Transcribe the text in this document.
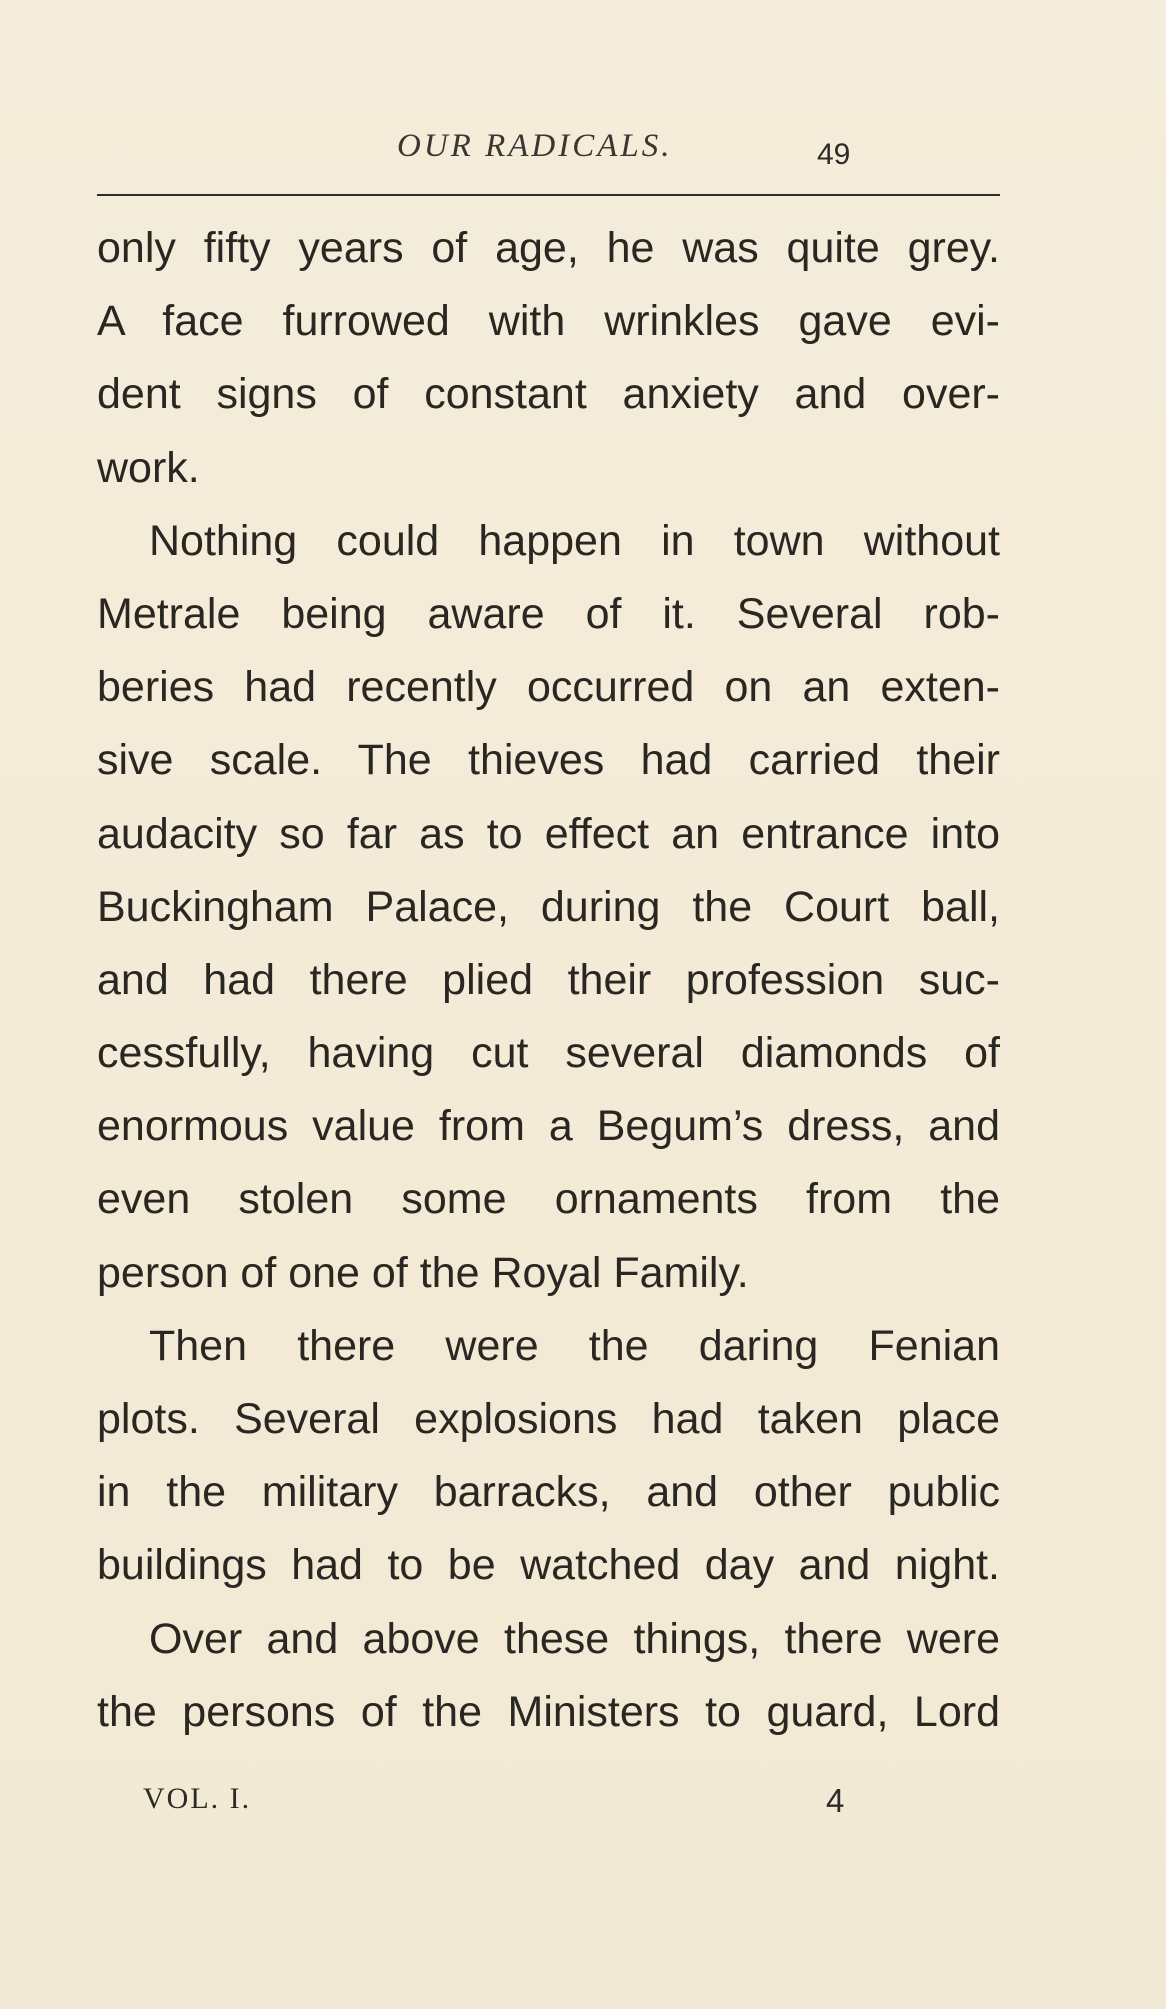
OUR RADICALS.	49
only fifty years of age, he was quite grey.
A face furrowed with wrinkles gave evi-
dent signs of constant anxiety and over-
work.
Nothing could happen in town without
Metrale being aware of it. Several rob-
beries had recently occurred on an exten-
sive scale. The thieves had carried their
audacity so far as to effect an entrance into
Buckingham Palace, during the Court ball,
and had there plied their profession suc-
cessfully, having cut several diamonds of
enormous value from a Begum’s dress, and
even stolen some ornaments from the
person of one of the Royal Family.
Then there were the daring Fenian
plots. Several explosions had taken place
in the military barracks, and other public
buildings had to be watched day and night.
Over and above these things, there were
the persons of the Ministers to guard, Lord
VOL. I.	4
